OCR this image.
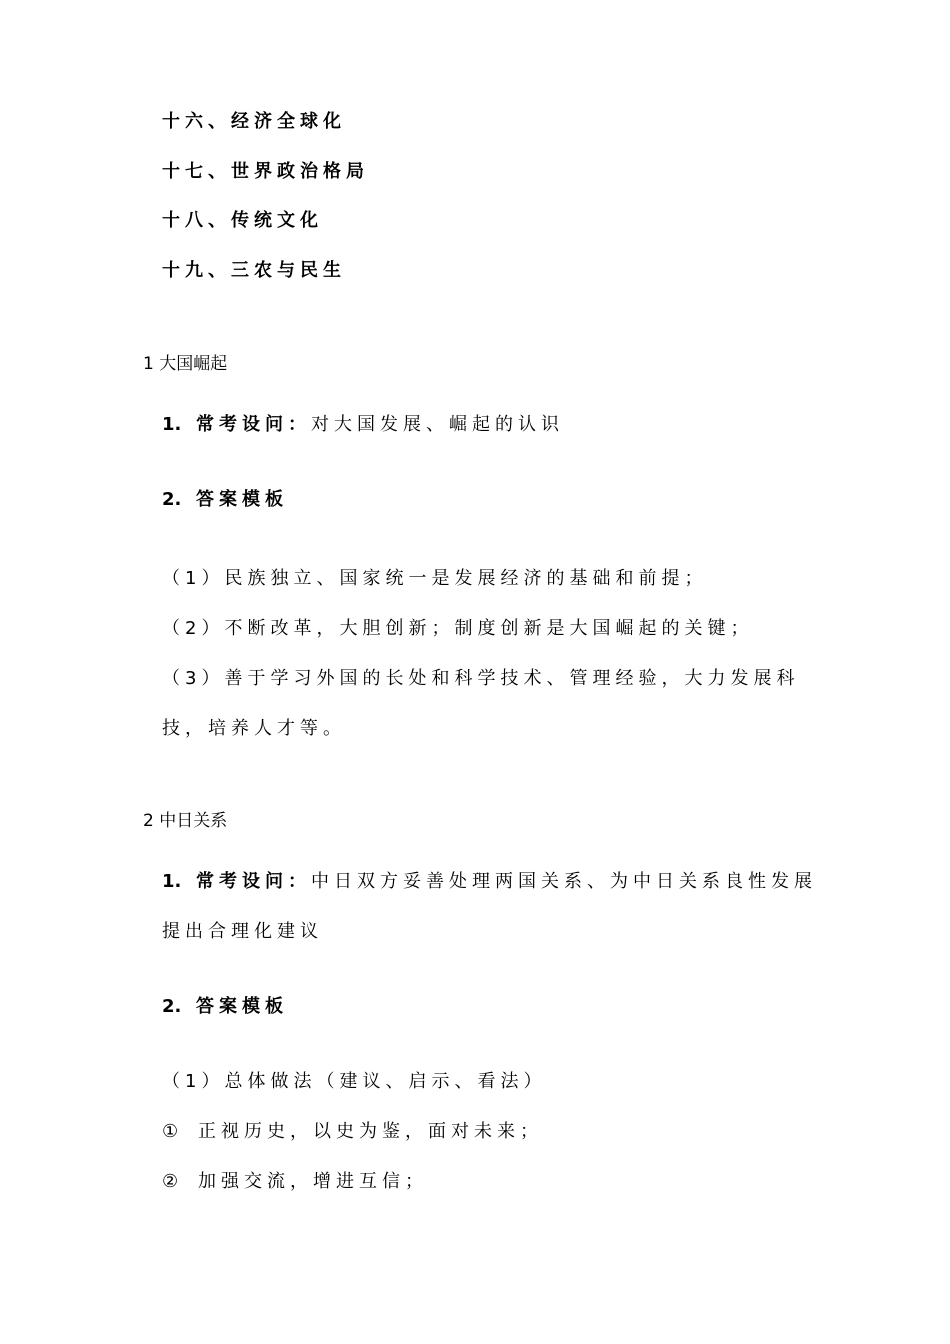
十六、经济全球化
十七、世界政治格局
十八、传统文化
十九、三农与民生
1 大国崛起
1. 常考设问：对大国发展、崛起的认识
2. 答案模板
（1）民族独立、国家统一是发展经济的基础和前提；
（2）不断改革，大胆创新；制度创新是大国崛起的关键；
（3）善于学习外国的长处和科学技术、管理经验，大力发展科
技，培养人才等。
2 中日关系
1. 常考设问：中日双方妥善处理两国关系、为中日关系良性发展
提出合理化建议
2. 答案模板
（1）总体做法（建议、启示、看法）
① 正视历史，以史为鉴，面对未来；
② 加强交流，增进互信；
